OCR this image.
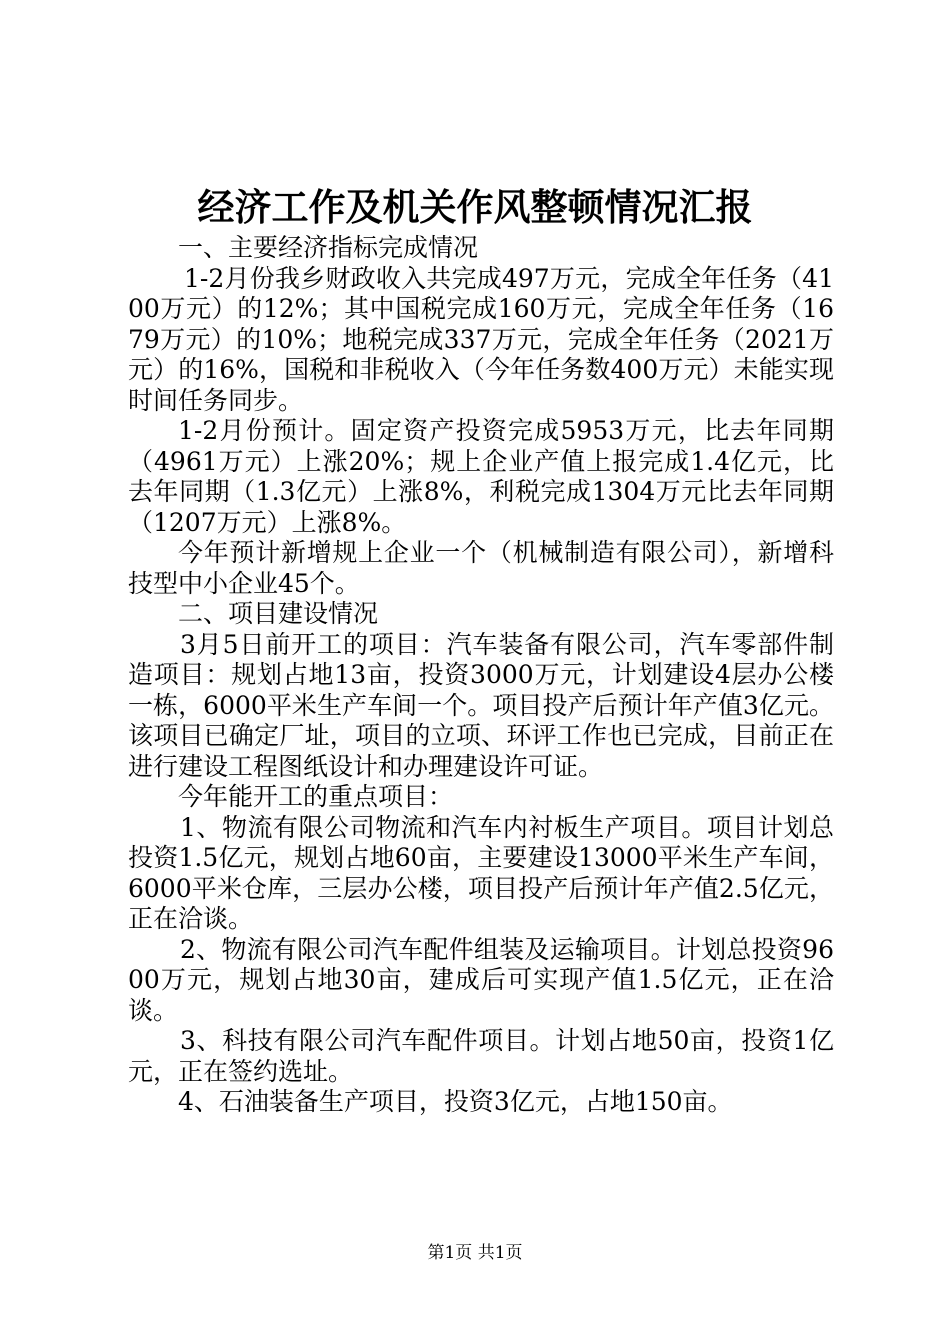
经济工作及机关作风整顿情况汇报

一、主要经济指标完成情况

1-2月份我乡财政收入共完成497万元，完成全年任务（4100万元）的12%；其中国税完成160万元，完成全年任务（1679万元）的10%；地税完成337万元，完成全年任务（2021万元）的16%，国税和非税收入（今年任务数400万元）未能实现时间任务同步。

1-2月份预计。固定资产投资完成5953万元，比去年同期（4961万元）上涨20%；规上企业产值上报完成1.4亿元，比去年同期（1.3亿元）上涨8%，利税完成1304万元比去年同期（1207万元）上涨8%。

今年预计新增规上企业一个（机械制造有限公司），新增科技型中小企业45个。

二、项目建设情况

3月5日前开工的项目：汽车装备有限公司，汽车零部件制造项目：规划占地13亩，投资3000万元，计划建设4层办公楼一栋，6000平米生产车间一个。项目投产后预计年产值3亿元。该项目已确定厂址，项目的立项、环评工作也已完成，目前正在进行建设工程图纸设计和办理建设许可证。

今年能开工的重点项目：

1、物流有限公司物流和汽车内衬板生产项目。项目计划总投资1.5亿元，规划占地60亩，主要建设13000平米生产车间，6000平米仓库，三层办公楼，项目投产后预计年产值2.5亿元，正在洽谈。

2、物流有限公司汽车配件组装及运输项目。计划总投资9600万元，规划占地30亩，建成后可实现产值1.5亿元，正在洽谈。

3、科技有限公司汽车配件项目。计划占地50亩，投资1亿元，正在签约选址。

4、石油装备生产项目，投资3亿元，占地150亩。

第1页 共1页
